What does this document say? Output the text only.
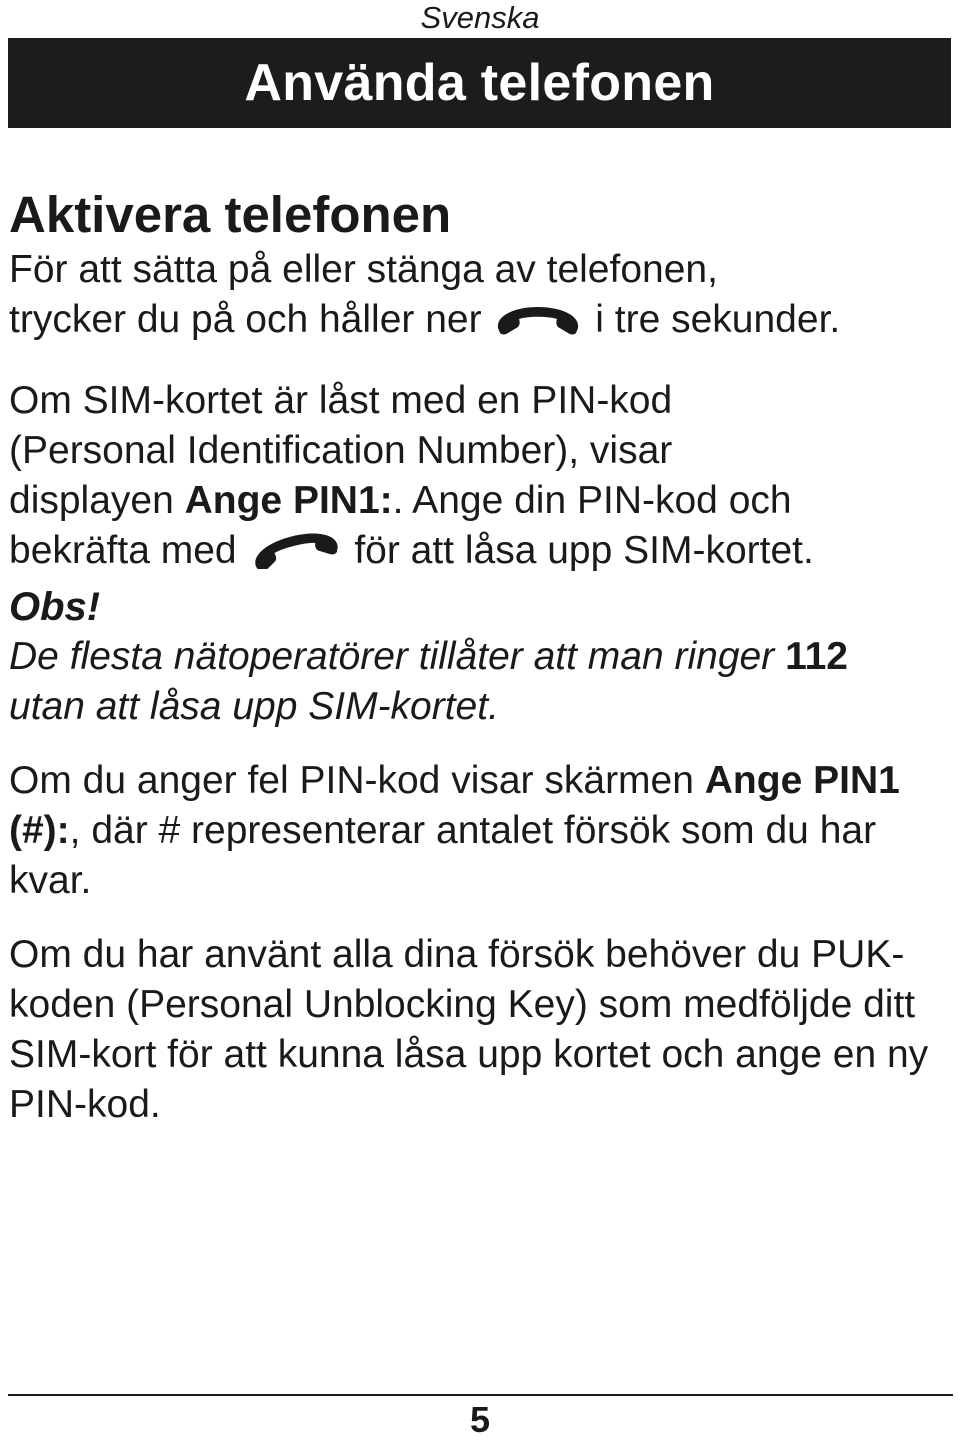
Svenska
Använda telefonen
Aktivera telefonen

För att sätta på eller stänga av telefonen,
trycker du på och håller ner	i tre sekunder.

Om SIM-kortet är låst med en PIN-kod
(Personal Identification Number), visar
displayen Ange PIN1:. Ange din PIN-kod och
bekräfta med	för att låsa upp SIM-kortet.

Obs!

De flesta nätoperatörer tillåter att man ringer 112
utan att låsa upp SIM-kortet.

Om du anger fel PIN-kod visar skärmen Ange PIN1 (#):, där # representerar antalet försök som du har kvar.

Om du har använt alla dina försök behöver du PUK-koden (Personal Unblocking Key) som medföljde ditt SIM-kort för att kunna låsa upp kortet och ange en ny PIN-kod.

5
